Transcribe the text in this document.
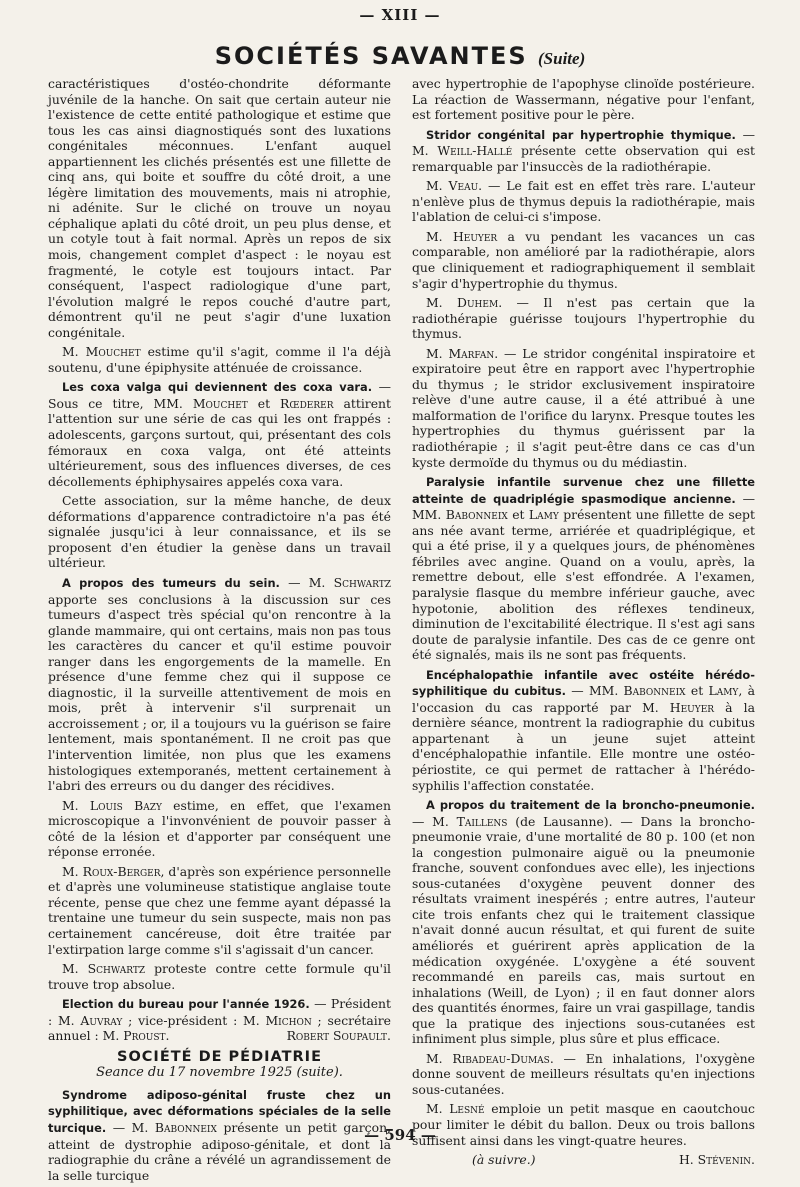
— XIII —
SOCIÉTÉS SAVANTES (Suite)

caractéristiques d'ostéo-chondrite déformante juvénile de la hanche. On sait que certain auteur nie l'existence de cette entité pathologique et estime que tous les cas ainsi diagnostiqués sont des luxations congénitales méconnues. L'enfant auquel appartiennent les clichés présentés est une fillette de cinq ans, qui boite et souffre du côté droit, a une légère limitation des mouvements, mais ni atrophie, ni adénite. Sur le cliché on trouve un noyau céphalique aplati du côté droit, un peu plus dense, et un cotyle tout à fait normal. Après un repos de six mois, changement complet d'aspect : le noyau est fragmenté, le cotyle est toujours intact. Par conséquent, l'aspect radiologique d'une part, l'évolution malgré le repos couché d'autre part, démontrent qu'il ne peut s'agir d'une luxation congénitale.

M. Mouchet estime qu'il s'agit, comme il l'a déjà soutenu, d'une épiphysite atténuée de croissance.

Les coxa valga qui deviennent des coxa vara. — Sous ce titre, MM. Mouchet et Rœderer attirent l'attention sur une série de cas qui les ont frappés : adolescents, garçons surtout, qui, présentant des cols fémoraux en coxa valga, ont été atteints ultérieurement, sous des influences diverses, de ces décollements éphiphysaires appelés coxa vara.

Cette association, sur la même hanche, de deux déformations d'apparence contradictoire n'a pas été signalée jusqu'ici à leur connaissance, et ils se proposent d'en étudier la genèse dans un travail ultérieur.

A propos des tumeurs du sein. — M. Schwartz apporte ses conclusions à la discussion sur ces tumeurs d'aspect très spécial qu'on rencontre à la glande mammaire, qui ont certains, mais non pas tous les caractères du cancer et qu'il estime pouvoir ranger dans les engorgements de la mamelle. En présence d'une femme chez qui il suppose ce diagnostic, il la surveille attentivement de mois en mois, prêt à intervenir s'il surprenait un accroissement ; or, il a toujours vu la guérison se faire lentement, mais spontanément. Il ne croit pas que l'intervention limitée, non plus que les examens histologiques extemporanés, mettent certainement à l'abri des erreurs ou du danger des récidives.

M. Louis Bazy estime, en effet, que l'examen microscopique a l'invonvénient de pouvoir passer à côté de la lésion et d'apporter par conséquent une réponse erronée.

M. Roux-Berger, d'après son expérience personnelle et d'après une volumineuse statistique anglaise toute récente, pense que chez une femme ayant dépassé la trentaine une tumeur du sein suspecte, mais non pas certainement cancéreuse, doit être traitée par l'extirpation large comme s'il s'agissait d'un cancer.

M. Schwartz proteste contre cette formule qu'il trouve trop absolue.

Election du bureau pour l'année 1926. — Président : M. Auvray ; vice-président : M. Michon ; secrétaire annuel : M. Proust.	Robert Soupault.

SOCIÉTÉ DE PÉDIATRIE
Seance du 17 novembre 1925 (suite).

Syndrome adiposo-génital fruste chez un syphilitique, avec déformations spéciales de la selle turcique. — M. Babonneix présente un petit garçon, atteint de dystrophie adiposo-génitale, et dont la radiographie du crâne a révélé un agrandissement de la selle turcique

avec hypertrophie de l'apophyse clinoïde postérieure. La réaction de Wassermann, négative pour l'enfant, est fortement positive pour le père.

Stridor congénital par hypertrophie thymique. — M. Weill-Hallé présente cette observation qui est remarquable par l'insuccès de la radiothérapie.

M. Veau. — Le fait est en effet très rare. L'auteur n'enlève plus de thymus depuis la radiothérapie, mais l'ablation de celui-ci s'impose.

M. Heuyer a vu pendant les vacances un cas comparable, non amélioré par la radiothérapie, alors que cliniquement et radiographiquement il semblait s'agir d'hypertrophie du thymus.

M. Duhem. — Il n'est pas certain que la radiothérapie guérisse toujours l'hypertrophie du thymus.

M. Marfan. — Le stridor congénital inspiratoire et expiratoire peut être en rapport avec l'hypertrophie du thymus ; le stridor exclusivement inspiratoire relève d'une autre cause, il a été attribué à une malformation de l'orifice du larynx. Presque toutes les hypertrophies du thymus guérissent par la radiothérapie ; il s'agit peut-être dans ce cas d'un kyste dermoïde du thymus ou du médiastin.

Paralysie infantile survenue chez une fillette atteinte de quadriplégie spasmodique ancienne. — MM. Babonneix et Lamy présentent une fillette de sept ans née avant terme, arriérée et quadriplégique, et qui a été prise, il y a quelques jours, de phénomènes fébriles avec angine. Quand on a voulu, après, la remettre debout, elle s'est effondrée. A l'examen, paralysie flasque du membre inférieur gauche, avec hypotonie, abolition des réflexes tendineux, diminution de l'excitabilité électrique. Il s'est agi sans doute de paralysie infantile. Des cas de ce genre ont été signalés, mais ils ne sont pas fréquents.

Encéphalopathie infantile avec ostéite hérédo-syphilitique du cubitus. — MM. Babonneix et Lamy, à l'occasion du cas rapporté par M. Heuyer à la dernière séance, montrent la radiographie du cubitus appartenant à un jeune sujet atteint d'encéphalopathie infantile. Elle montre une ostéo-périostite, ce qui permet de rattacher à l'hérédo-syphilis l'affection constatée.

A propos du traitement de la broncho-pneumonie. — M. Taillens (de Lausanne). — Dans la broncho-pneumonie vraie, d'une mortalité de 80 p. 100 (et non la congestion pulmonaire aiguë ou la pneumonie franche, souvent confondues avec elle), les injections sous-cutanées d'oxygène peuvent donner des résultats vraiment inespérés ; entre autres, l'auteur cite trois enfants chez qui le traitement classique n'avait donné aucun résultat, et qui furent de suite améliorés et guérirent après application de la médication oxygénée. L'oxygène a été souvent recommandé en pareils cas, mais surtout en inhalations (Weill, de Lyon) ; il en faut donner alors des quantités énormes, faire un vrai gaspillage, tandis que la pratique des injections sous-cutanées est infiniment plus simple, plus sûre et plus efficace.

M. Ribadeau-Dumas. — En inhalations, l'oxygène donne souvent de meilleurs résultats qu'en injections sous-cutanées.

M. Lesné emploie un petit masque en caoutchouc pour limiter le débit du ballon. Deux ou trois ballons suffisent ainsi dans les vingt-quatre heures.

(à suivre.)	H. Stévenin.
— 594 —
